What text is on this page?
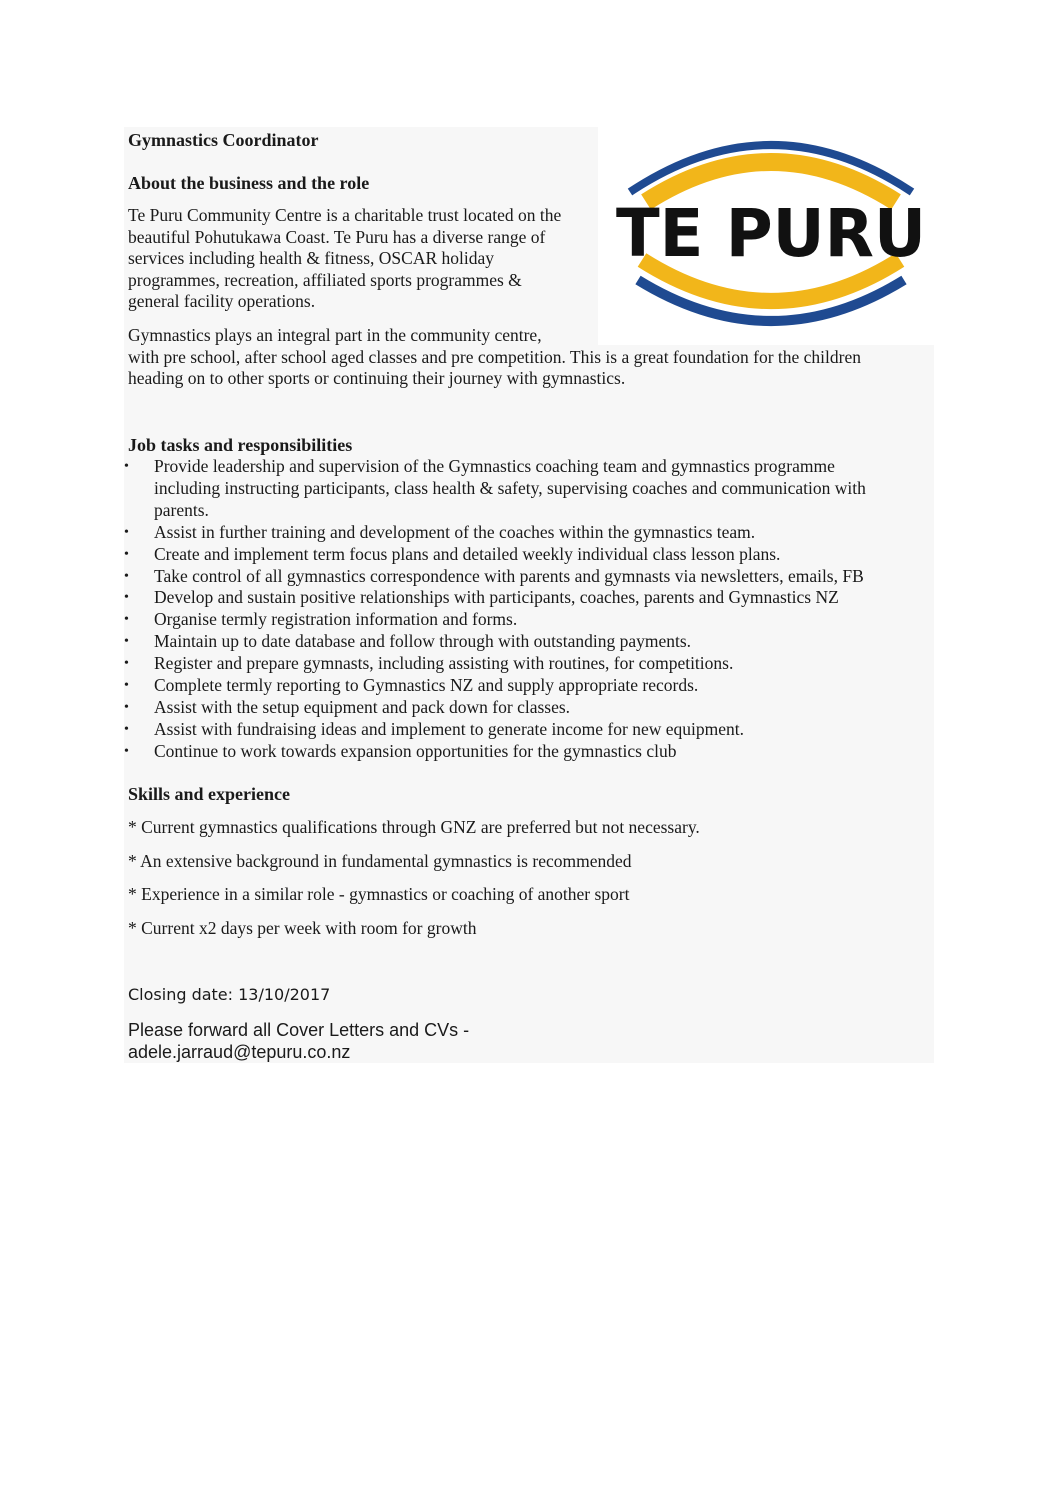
TE PURU
Gymnastics Coordinator
About the business and the role
Te Puru Community Centre is a charitable trust located on the
beautiful Pohutukawa Coast. Te Puru has a diverse range of
services including health & fitness, OSCAR holiday
programmes, recreation, affiliated sports programmes &
general facility operations.
Gymnastics plays an integral part in the community centre,
with pre school, after school aged classes and pre competition. This is a great foundation for the children
heading on to other sports or continuing their journey with gymnastics.
Job tasks and responsibilities
• Provide leadership and supervision of the Gymnastics coaching team and gymnastics programme
including instructing participants, class health & safety, supervising coaches and communication with
parents.
• Assist in further training and development of the coaches within the gymnastics team.
• Create and implement term focus plans and detailed weekly individual class lesson plans.
• Take control of all gymnastics correspondence with parents and gymnasts via newsletters, emails, FB
• Develop and sustain positive relationships with participants, coaches, parents and Gymnastics NZ
• Organise termly registration information and forms.
• Maintain up to date database and follow through with outstanding payments.
• Register and prepare gymnasts, including assisting with routines, for competitions.
• Complete termly reporting to Gymnastics NZ and supply appropriate records.
• Assist with the setup equipment and pack down for classes.
• Assist with fundraising ideas and implement to generate income for new equipment.
• Continue to work towards expansion opportunities for the gymnastics club
Skills and experience
* Current gymnastics qualifications through GNZ are preferred but not necessary.
* An extensive background in fundamental gymnastics is recommended
* Experience in a similar role - gymnastics or coaching of another sport
* Current x2 days per week with room for growth
Closing date: 13/10/2017
Please forward all Cover Letters and CVs -
adele.jarraud@tepuru.co.nz
